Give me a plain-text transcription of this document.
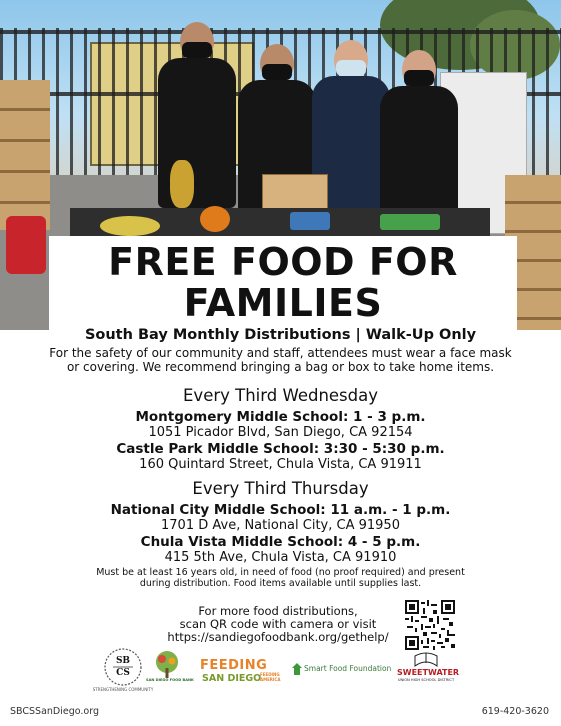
FREE FOOD FOR
FAMILIES
South Bay Monthly Distributions | Walk-Up Only
For the safety of our community and staff, attendees must wear a face mask
or covering. We recommend bringing a bag or box to take home items.
Every Third Wednesday
Montgomery Middle School: 1 - 3 p.m.
1051 Picador Blvd, San Diego, CA 92154
Castle Park Middle School: 3:30 - 5:30 p.m.
160 Quintard Street, Chula Vista, CA 91911
Every Third Thursday
National City Middle School: 11 a.m. - 1 p.m.
1701 D Ave, National City, CA 91950
Chula Vista Middle School: 4 - 5 p.m.
415 5th Ave, Chula Vista, CA 91910
Must be at least 16 years old, in need of food (no proof required) and present
during distribution. Food items available until supplies last.
For more food distributions,
scan QR code with camera or visit
https://sandiegofoodbank.org/gethelp/
SB CS
STRENGTHENING COMMUNITY
SAN DIEGO FOOD BANK
FEEDING
SAN DIEGO
FEEDING AMERICA
Smart Food Foundation SWEETWATER
UNION HIGH SCHOOL DISTRICT
SBCSSanDiego.org	619-420-3620
